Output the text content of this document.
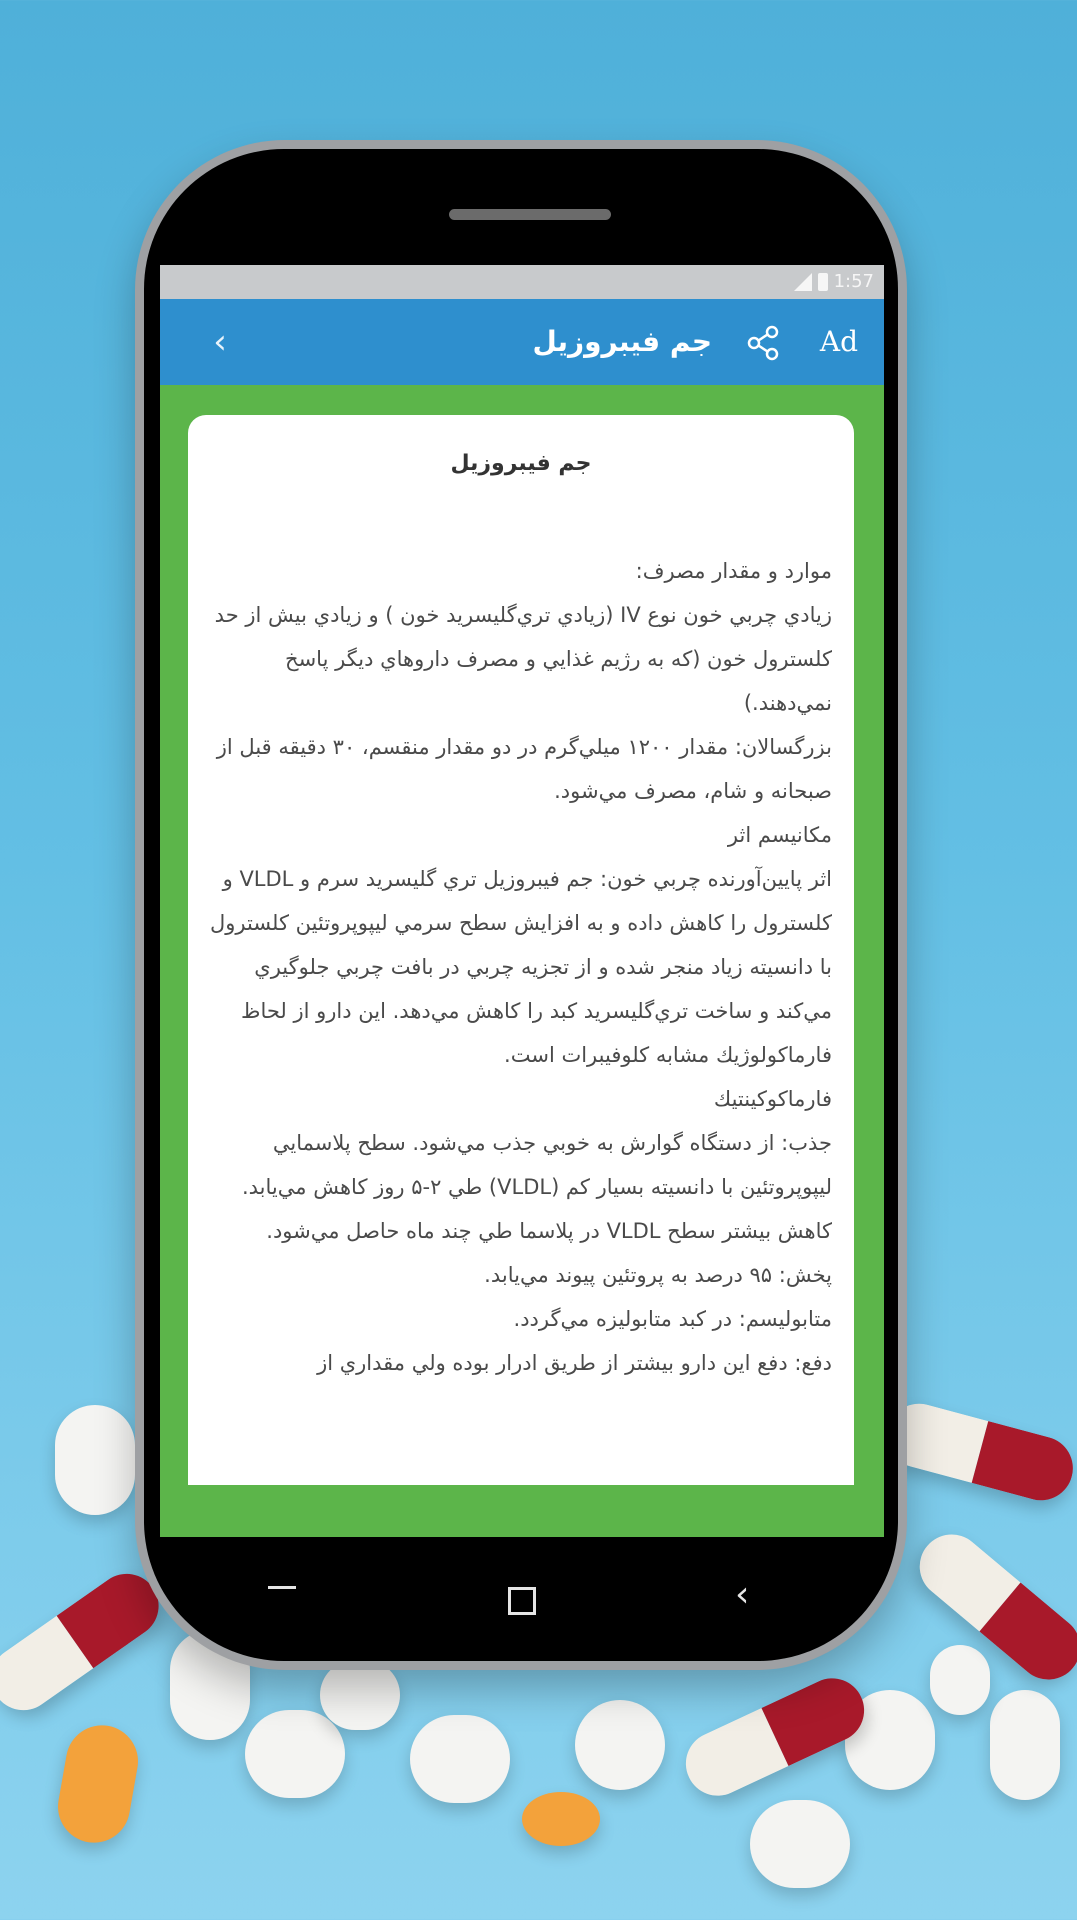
1:57
‹	جم فیبروزیل	Ad
جم فيبروزيل

موارد و مقدار مصرف:

زيادي چربي خون نوع IV (زيادي تري‌گليسريد خون ) و زيادي بيش از حد كلسترول خون (كه به رژيم غذايي و مصرف داروهاي ديگر پاسخ نمي‌دهند.)

بزرگسالان: مقدار ۱۲۰۰ ميلي‌گرم در دو مقدار منقسم، ۳۰ دقيقه قبل از صبحانه و شام، مصرف مي‌شود.

مكانيسم اثر

اثر پايين‌آورنده چربي خون: جم فيبروزيل تري گليسريد سرم و VLDL و كلسترول را كاهش داده و به افزايش سطح سرمي ليپوپروتئين كلسترول با دانسيته زياد منجر شده و از تجزيه چربي در بافت چربي جلوگيري مي‌كند و ساخت تري‌گليسريد كبد را كاهش مي‌دهد. اين دارو از لحاظ فارماكولوژيك مشابه كلوفيبرات است.

فارماكوكينتيك

جذب: از دستگاه گوارش به خوبي جذب مي‌شود. سطح پلاسمايي ليپوپروتئين با دانسيته بسيار كم (VLDL) طي ۲-۵ روز كاهش مي‌يابد. كاهش بيشتر سطح VLDL در پلاسما طي چند ماه حاصل مي‌شود.

پخش: ۹۵ درصد به پروتئين پيوند مي‌يابد.

متابوليسم: در كبد متابوليزه مي‌گردد.

دفع: دفع اين دارو بيشتر از طريق ادرار بوده ولي مقداري از

‹
